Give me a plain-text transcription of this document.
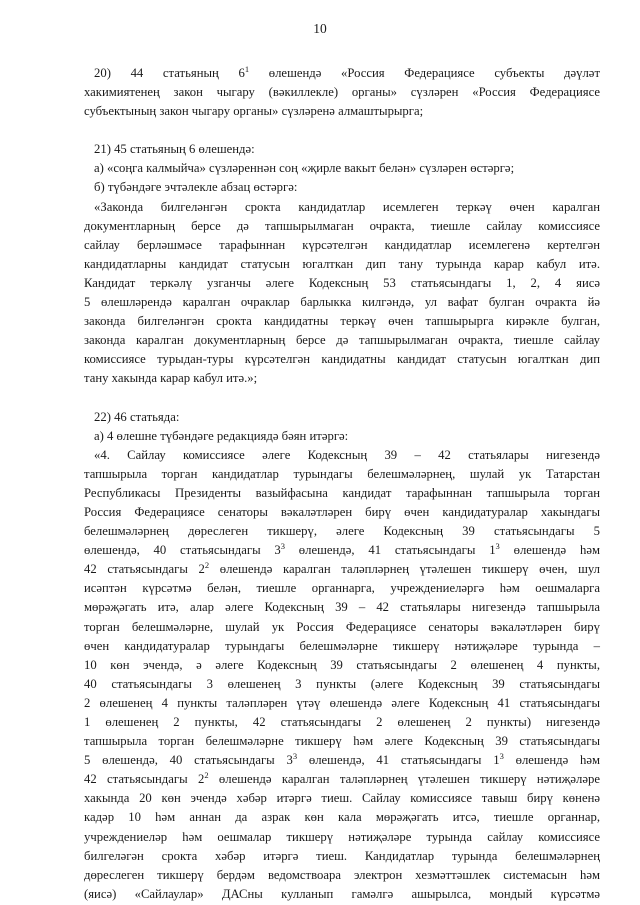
10
20) 44 статьяның $6^1$ өлешендә «Россия Федерациясе субъекты дәүләт
хакимиятенең закон чыгару (вәкиллекле) органы» сүзләрен «Россия Федерациясе
субъектының закон чыгару органы» сүзләренә алмаштырырга;
21) 45 статьяның 6 өлешендә:
а) «соңга калмыйча» сүзләреннән соң «җирле вакыт белән» сүзләрен өстәргә;
б) түбәндәге эчтәлекле абзац өстәргә:
«Законда билгеләнгән срокта кандидатлар исемлеген теркәү өчен каралган
документларның берсе дә тапшырылмаган очракта, тиешле сайлау комиссиясе
сайлау берләшмәсе тарафыннан күрсәтелгән кандидатлар исемлегенә кертелгән
кандидатларны кандидат статусын югалткан дип тану турында карар кабул итә.
Кандидат теркәлү узганчы әлеге Кодексның 53 статьясындагы 1, 2, 4 яисә
5 өлешләрендә каралган очраклар барлыкка килгәндә, ул вафат булган очракта йә
законда билгеләнгән срокта кандидатны теркәү өчен тапшырырга кирәкле булган,
законда каралган документларның берсе дә тапшырылмаган очракта, тиешле сайлау
комиссиясе турыдан-туры күрсәтелгән кандидатны кандидат статусын югалткан дип
тану хакында карар кабул итә.»;
22) 46 статьяда:
а) 4 өлешне түбәндәге редакциядә бәян итәргә:
«4. Сайлау комиссиясе әлеге Кодексның 39 – 42 статьялары нигезендә
тапшырыла торган кандидатлар турындагы белешмәләрнең, шулай ук Татарстан
Республикасы Президенты вазыйфасына кандидат тарафыннан тапшырыла торган
Россия Федерациясе сенаторы вәкаләтләрен бирү өчен кандидатуралар хакындагы
белешмәләрнең дөреслеген тикшерү, әлеге Кодексның 39 статьясындагы 5
өлешендә, 40 статьясындагы $3^3$ өлешендә, 41 статьясындагы $1^3$ өлешендә һәм
42 статьясындагы $2^2$ өлешендә каралган таләпләрнең үтәлешен тикшерү өчен, шул
исәптән күрсәтмә белән, тиешле органнарга, учреждениеләргә һәм оешмаларга
мөрәҗәгать итә, алар әлеге Кодексның 39 – 42 статьялары нигезендә тапшырыла
торган белешмәләрне, шулай ук Россия Федерациясе сенаторы вәкаләтләрен бирү
өчен кандидатуралар турындагы белешмәләрне тикшерү нәтиҗәләре турында –
10 көн эчендә, ә әлеге Кодексның 39 статьясындагы 2 өлешенең 4 пункты,
40 статьясындагы 3 өлешенең 3 пункты (әлеге Кодексның 39 статьясындагы
2 өлешенең 4 пункты таләпләрен үтәү өлешендә әлеге Кодексның 41 статьясындагы
1 өлешенең 2 пункты, 42 статьясындагы 2 өлешенең 2 пункты) нигезендә
тапшырыла торган белешмәләрне тикшерү һәм әлеге Кодексның 39 статьясындагы
5 өлешендә, 40 статьясындагы $3^3$ өлешендә, 41 статьясындагы $1^3$ өлешендә һәм
42 статьясындагы $2^2$ өлешендә каралган таләпләрнең үтәлешен тикшерү нәтиҗәләре
хакында 20 көн эчендә хәбәр итәргә тиеш. Сайлау комиссиясе тавыш бирү көненә
кадәр 10 һәм аннан да азрак көн кала мөрәҗәгать итсә, тиешле органнар,
учреждениеләр һәм оешмалар тикшерү нәтиҗәләре турында сайлау комиссиясе
билгеләгән срокта хәбәр итәргә тиеш. Кандидатлар турында белешмәләрнең
дөреслеген тикшерү бердәм ведомствоара электрон хезмәттәшлек системасын һәм
(яисә) «Сайлаулар» ДАСны кулланып гамәлгә ашырылса, мондый күрсәтмә
